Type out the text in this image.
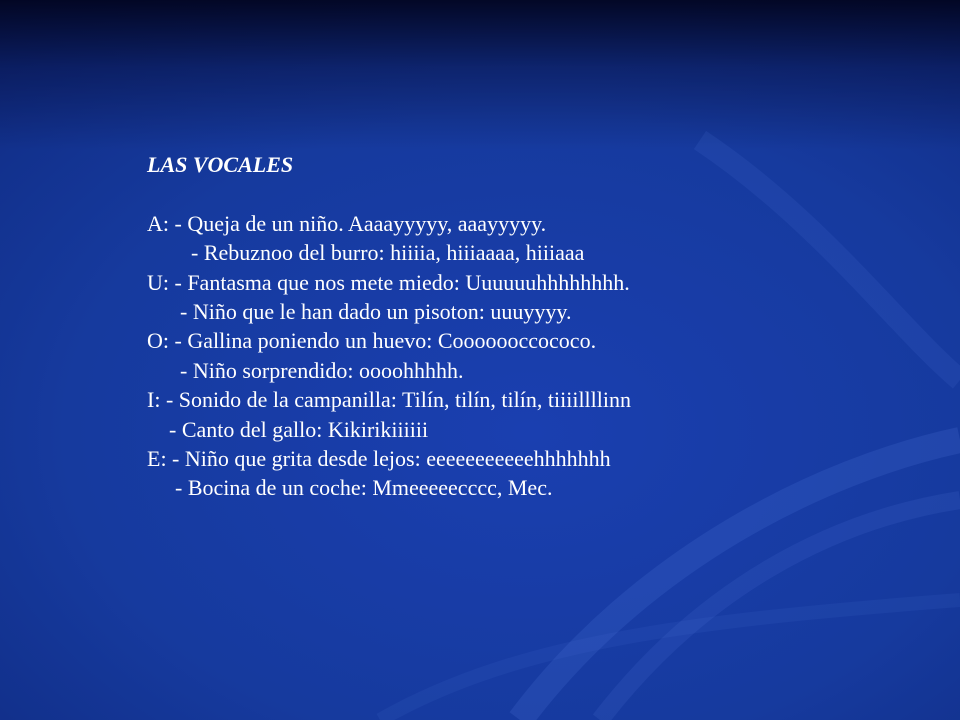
LAS VOCALES
A: - Queja de un niño. Aaaayyyyy, aaayyyyy.
- Rebuznoo del burro: hiiiia, hiiiaaaa, hiiiaaa
U: - Fantasma que nos mete miedo: Uuuuuuhhhhhhhh.
- Niño que le han dado un pisoton: uuuyyyy.
O: - Gallina poniendo un huevo: Cooooooccococo.
- Niño sorprendido: oooohhhhh.
I: - Sonido de la campanilla: Tilín, tilín, tilín, tiiiillllinn
- Canto del gallo: Kikirikiiiiii
E: - Niño que grita desde lejos: eeeeeeeeeeehhhhhhh
- Bocina de un coche: Mmeeeeecccc, Mec.
